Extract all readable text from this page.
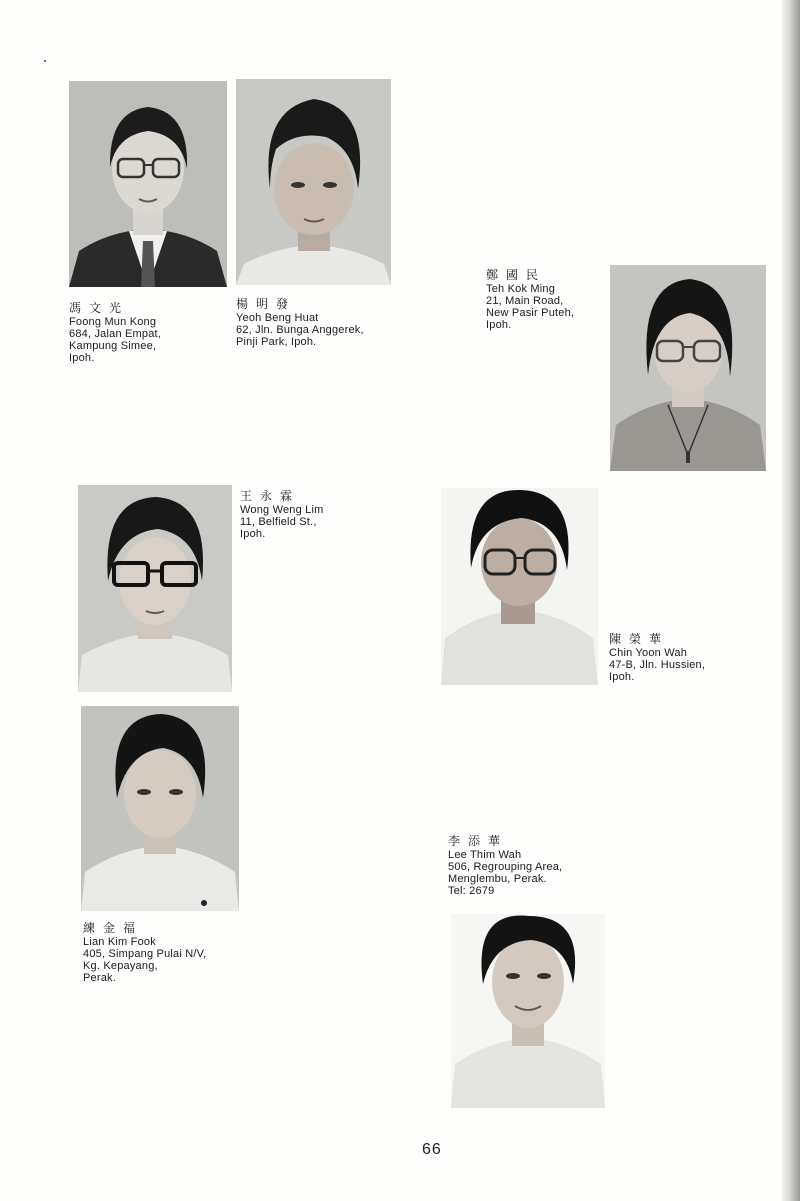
馮文光
Foong Mun Kong
684, Jalan Empat,
Kampung Simee,
Ipoh.
楊明發
Yeoh Beng Huat
62, Jln. Bunga Anggerek,
Pinji Park, Ipoh.
鄭國民
Teh Kok Ming
21, Main Road,
New Pasir Puteh,
Ipoh.
王永霖
Wong Weng Lim
11, Belfield St.,
Ipoh.
陳榮華
Chin Yoon Wah
47-B, Jln. Hussien,
Ipoh.
練金福
Lian Kim Fook
405, Simpang Pulai N/V,
Kg. Kepayang,
Perak.
李添華
Lee Thim Wah
506, Regrouping Area,
Menglembu, Perak.
Tel: 2679
66
